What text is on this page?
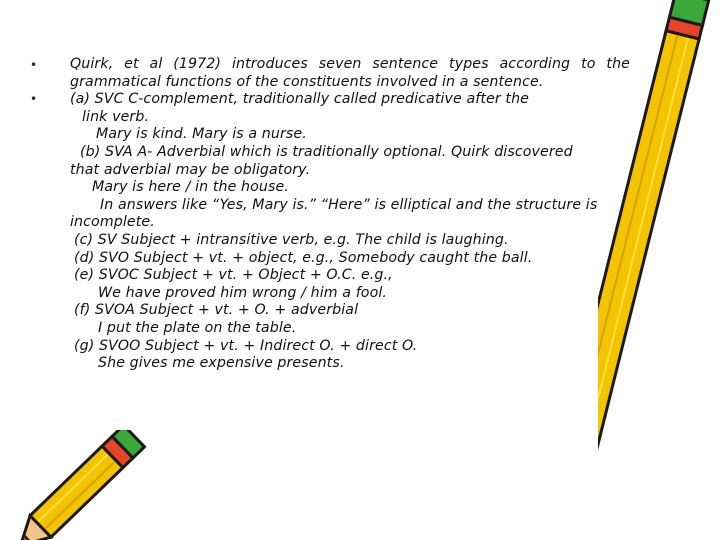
•
•
Quirk, et al (1972) introduces seven sentence types according to the
grammatical functions of the constituents involved in a sentence.
(a) SVC C-complement, traditionally called predicative after the
link verb.
Mary is kind. Mary is a nurse.
(b) SVA A- Adverbial which is traditionally optional. Quirk discovered
that adverbial may be obligatory.
Mary is here / in the house.
In answers like “Yes, Mary is.” “Here” is elliptical and the structure is
incomplete.
(c) SV Subject + intransitive verb, e.g. The child is laughing.
(d) SVO Subject + vt. + object, e.g., Somebody caught the ball.
(e) SVOC Subject + vt. + Object + O.C. e.g.,
We have proved him wrong / him a fool.
(f) SVOA Subject + vt. + O. + adverbial
I put the plate on the table.
(g) SVOO Subject + vt. + Indirect O. + direct O.
She gives me expensive presents.
